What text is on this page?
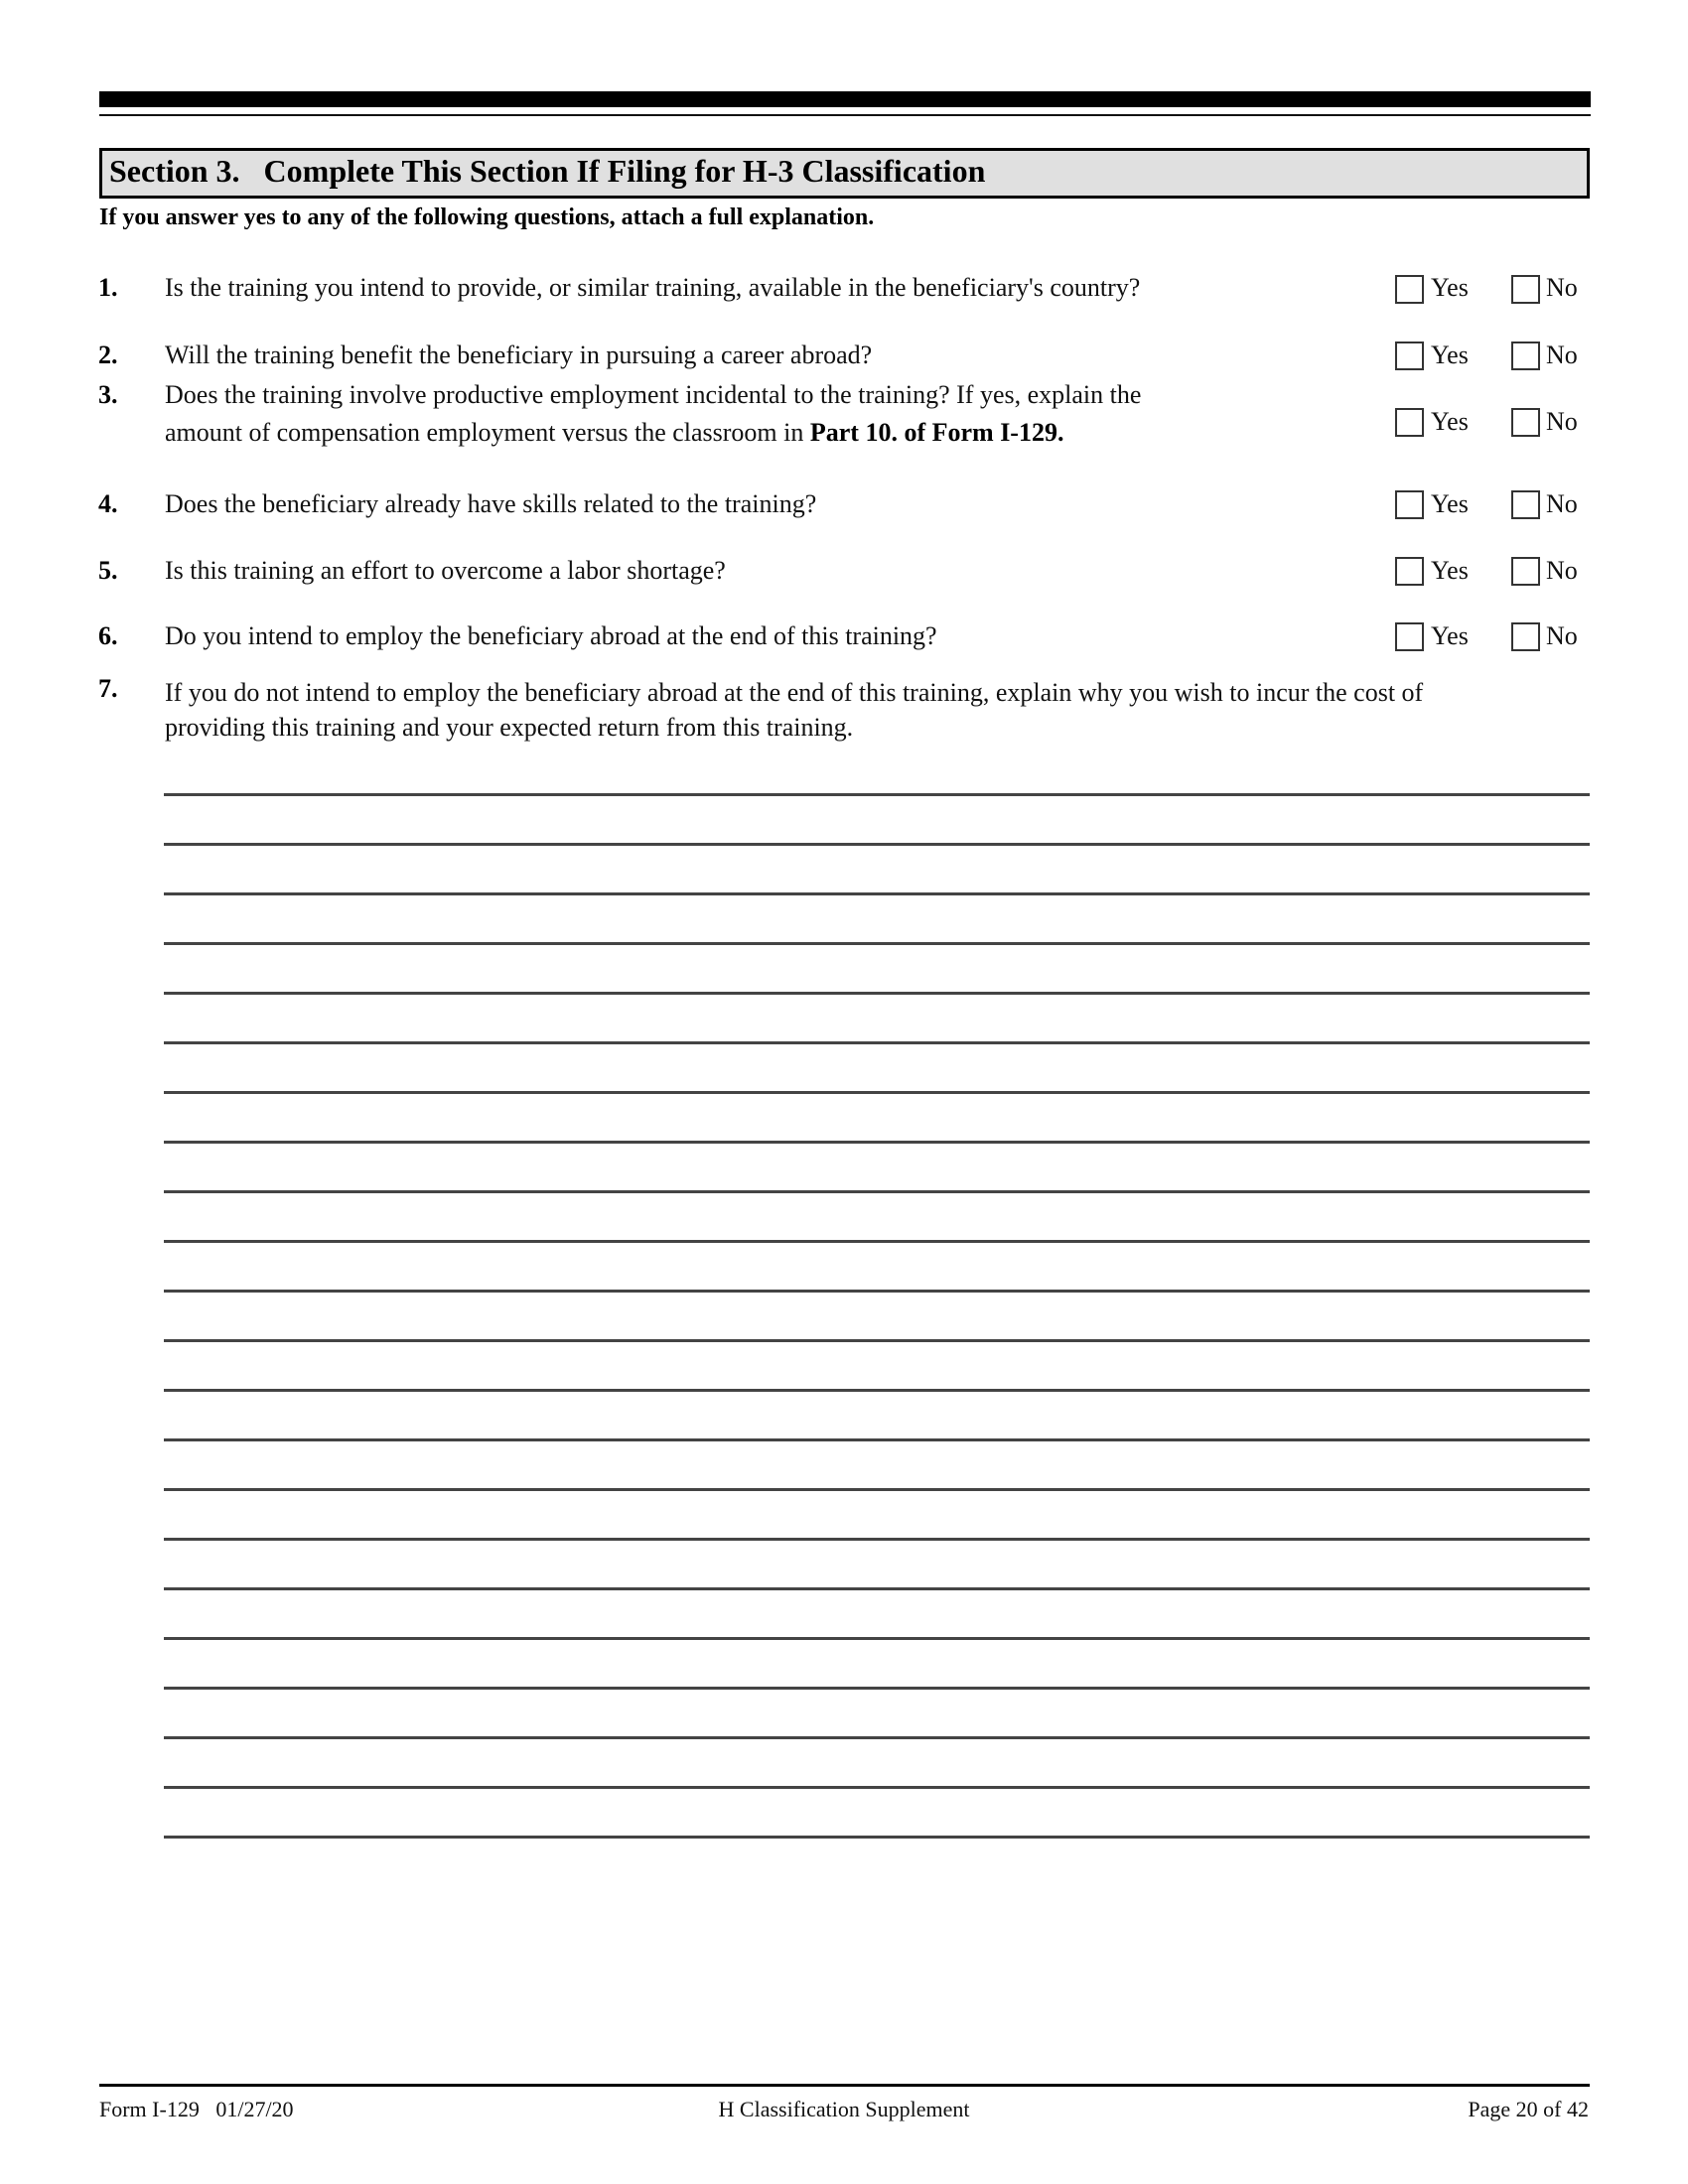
Section 3.   Complete This Section If Filing for H-3 Classification
If you answer yes to any of the following questions, attach a full explanation.
1. Is the training you intend to provide, or similar training, available in the beneficiary's country?	Yes	No
2. Will the training benefit the beneficiary in pursuing a career abroad?	Yes	No
3. Does the training involve productive employment incidental to the training? If yes, explain the
amount of compensation employment versus the classroom in Part 10. of Form I-129.	Yes	No
4. Does the beneficiary already have skills related to the training?	Yes	No
5. Is this training an effort to overcome a labor shortage?	Yes	No
6. Do you intend to employ the beneficiary abroad at the end of this training?	Yes	No
7. If you do not intend to employ the beneficiary abroad at the end of this training, explain why you wish to incur the cost of
providing this training and your expected return from this training.
Form I-129   01/27/20	H Classification Supplement	Page 20 of 42
